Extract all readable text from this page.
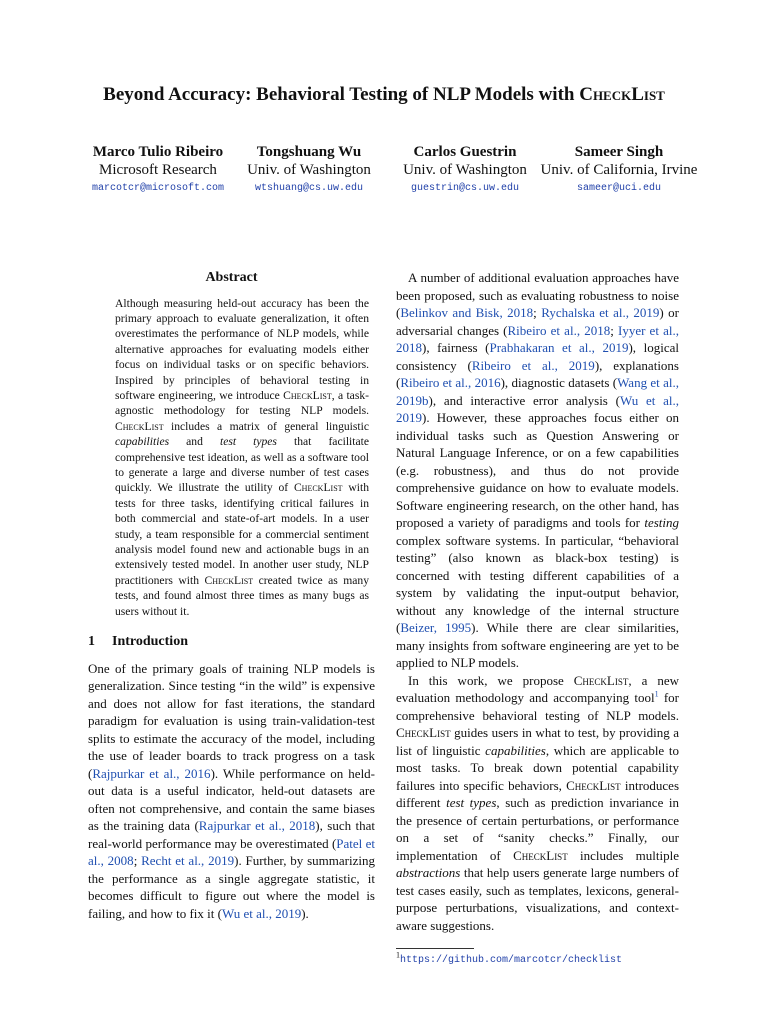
Beyond Accuracy: Behavioral Testing of NLP Models with CheckList
Marco Tulio Ribeiro
Microsoft Research
marcotcr@microsoft.com
Tongshuang Wu
Univ. of Washington
wtshuang@cs.uw.edu
Carlos Guestrin
Univ. of Washington
guestrin@cs.uw.edu
Sameer Singh
Univ. of California, Irvine
sameer@uci.edu
Abstract

Although measuring held-out accuracy has been the primary approach to evaluate generalization, it often overestimates the performance of NLP models, while alternative approaches for evaluating models either focus on individual tasks or on specific behaviors. Inspired by principles of behavioral testing in software engineering, we introduce CheckList, a task-agnostic methodology for testing NLP models. CheckList includes a matrix of general linguistic capabilities and test types that facilitate comprehensive test ideation, as well as a software tool to generate a large and diverse number of test cases quickly. We illustrate the utility of CheckList with tests for three tasks, identifying critical failures in both commercial and state-of-art models. In a user study, a team responsible for a commercial sentiment analysis model found new and actionable bugs in an extensively tested model. In another user study, NLP practitioners with CheckList created twice as many tests, and found almost three times as many bugs as users without it.

1 Introduction

One of the primary goals of training NLP models is generalization. Since testing “in the wild” is expensive and does not allow for fast iterations, the standard paradigm for evaluation is using train-validation-test splits to estimate the accuracy of the model, including the use of leader boards to track progress on a task (Rajpurkar et al., 2016). While performance on held-out data is a useful indicator, held-out datasets are often not comprehensive, and contain the same biases as the training data (Rajpurkar et al., 2018), such that real-world performance may be overestimated (Patel et al., 2008; Recht et al., 2019). Further, by summarizing the performance as a single aggregate statistic, it becomes difficult to figure out where the model is failing, and how to fix it (Wu et al., 2019).

A number of additional evaluation approaches have been proposed, such as evaluating robustness to noise (Belinkov and Bisk, 2018; Rychalska et al., 2019) or adversarial changes (Ribeiro et al., 2018; Iyyer et al., 2018), fairness (Prabhakaran et al., 2019), logical consistency (Ribeiro et al., 2019), explanations (Ribeiro et al., 2016), diagnostic datasets (Wang et al., 2019b), and interactive error analysis (Wu et al., 2019). However, these approaches focus either on individual tasks such as Question Answering or Natural Language Inference, or on a few capabilities (e.g. robustness), and thus do not provide comprehensive guidance on how to evaluate models. Software engineering research, on the other hand, has proposed a variety of paradigms and tools for testing complex software systems. In particular, “behavioral testing” (also known as black-box testing) is concerned with testing different capabilities of a system by validating the input-output behavior, without any knowledge of the internal structure (Beizer, 1995). While there are clear similarities, many insights from software engineering are yet to be applied to NLP models.

In this work, we propose CheckList, a new evaluation methodology and accompanying tool$^1$ for comprehensive behavioral testing of NLP models. CheckList guides users in what to test, by providing a list of linguistic capabilities, which are applicable to most tasks. To break down potential capability failures into specific behaviors, CheckList introduces different test types, such as prediction invariance in the presence of certain perturbations, or performance on a set of “sanity checks.” Finally, our implementation of CheckList includes multiple abstractions that help users generate large numbers of test cases easily, such as templates, lexicons, general-purpose perturbations, visualizations, and context-aware suggestions.

$^1$https://github.com/marcotcr/checklist
